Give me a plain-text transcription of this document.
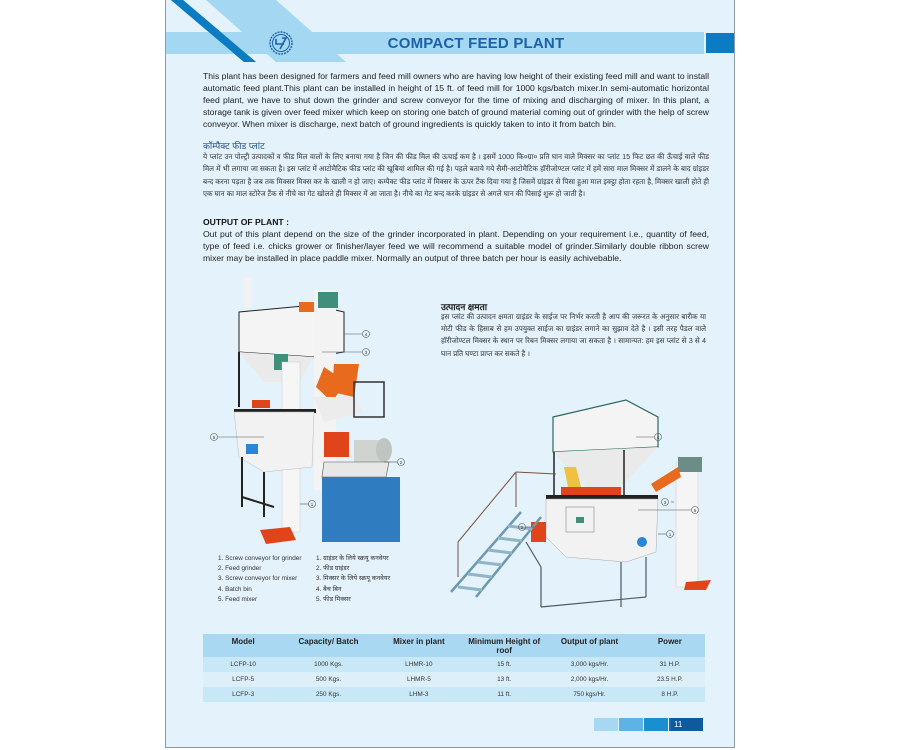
COMPACT FEED PLANT

This plant has been designed for farmers and feed mill owners who are having low height of their existing feed mill and want to install automatic feed plant.This plant can be installed in height of 15 ft. of feed mill for 1000 kgs/batch mixer.In semi-automatic horizontal feed plant, we have to shut down the grinder and screw conveyor for the time of mixing and discharging of mixer. In this plant, a storage tank is given over feed mixer which keep on storing one batch of ground material coming out of grinder with the help of screw conveyor. When mixer is discharge, next batch of ground ingredients is quickly taken to into it from batch bin.

कॉम्पैक्ट फीड प्लांट

ये प्लांट उन पोल्ट्री उत्पादकों व फीड मिल वालों के लिए बनाया गया है जिन की फीड मिल की ऊचाई कम है । इसमें 1000 कि०ग्रा० प्रति घान वाले मिक्सर का प्लांट 15 फिट छत की ऊँचाई वाले फीड मिल में भी लगाया जा सकता है। इस प्लांट में आटोमैटिक फीड प्लांट की खूबियां शामिल की गई है। पहले बताये गये सैमी-आटोमैटिक हॉरीजोण्टल प्लांट में हमें सारा माल मिक्सर में डालने के बाद ग्रांइडर बन्द करना पड़ता है जब तक मिक्सर मिक्स कर के खाली न हो जाए। कम्पैक्ट फीड प्लांट में मिक्सर के ऊपर टैंक दिया गया है जिसमें ग्रांइडर से पिसा हुआ माल इक्ट्ठा होता रहता है, मिक्सर खाली होते ही एक घान का माल स्टोरेज टैंक से नीचे का गेट खोलते ही मिक्सर में आ जाता है। नीचे का गेट बन्द करके ग्रांइडर से अगले घान की पिसाई शुरू हो जाती है।

OUTPUT OF PLANT :

Out put of this plant depend on the size of the grinder incorporated in plant. Depending on your requirement i.e., quantity of feed, type of feed i.e. chicks grower or finisher/layer feed we will recommend a suitable model of grinder.Similarly double ribbon screw mixer may be installed in place paddle mixer. Normally an output of three batch per hour is easily achivebable.

उत्पादन क्षमता

इस प्लांट की उत्पादन क्षमता ग्राइंडर के साईज पर निर्भर करती है आप की जरूरत के अनुसार बारीक या मोटी फीड के हिसाब से हम उपयुक्त साईज का ग्राइंडर लगाने का सुझाव देते है । इसी तरह पैडल वाले हॉरीजोण्टल मिक्सर के स्थान पर रिबन मिक्सर लगाया जा सकता है । सामान्यत: हम इस प्लांट से 3 से 4 घान प्रति घण्टा प्राप्त कर सकते है ।

4
3
5
2
1
4
5
3
2
1
1. Screw conveyor for grinder
2. Feed grinder
3. Screw conveyor for mixer
4. Batch bin
5. Feed mixer
1. ग्राइंडर के लिये स्क्रयू कनवेयर
2. फीड ग्राइंडर
3. मिक्सर के लिये स्क्रयू कनवेयर
4. बैच बिन
5. फीड मिक्सर
Model	Capacity/ Batch	Mixer in plant	Minimum Height of roof	Output of plant	Power
LCFP-10	1000 Kgs.	LHMR-10	15 ft.	3,000 kgs/Hr.	31 H.P.
LCFP-5	500 Kgs.	LHMR-5	13 ft.	2,000 kgs/Hr.	23.5 H.P.
LCFP-3	250 Kgs.	LHM-3	11 ft.	750 kgs/Hr.	8 H.P.
11
